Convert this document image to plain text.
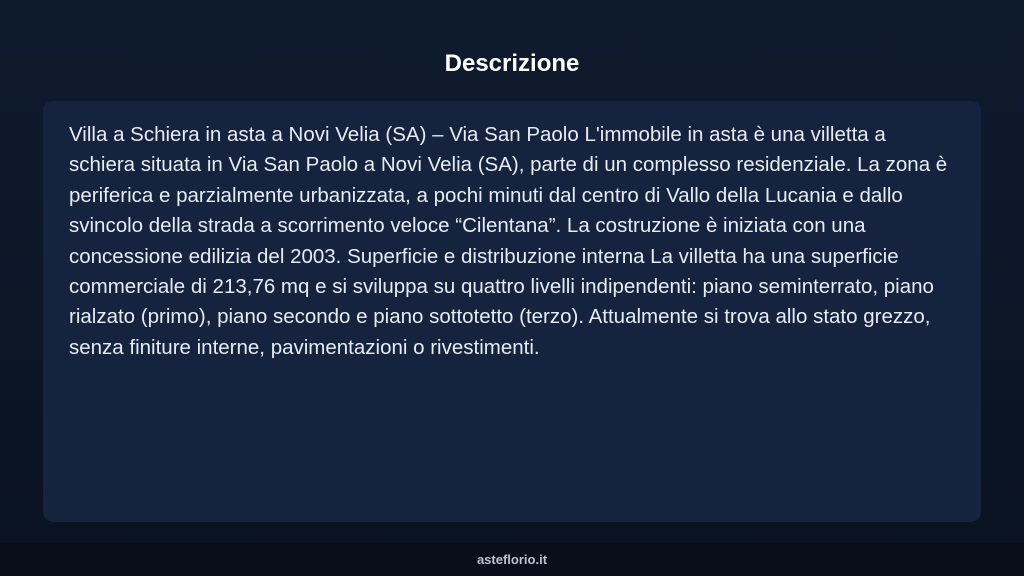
Descrizione

Villa a Schiera in asta a Novi Velia (SA) – Via San Paolo L'immobile in asta è una villetta a schiera situata in Via San Paolo a Novi Velia (SA), parte di un complesso residenziale. La zona è periferica e parzialmente urbanizzata, a pochi minuti dal centro di Vallo della Lucania e dallo svincolo della strada a scorrimento veloce “Cilentana”. La costruzione è iniziata con una concessione edilizia del 2003. Superficie e distribuzione interna La villetta ha una superficie commerciale di 213,76 mq e si sviluppa su quattro livelli indipendenti: piano seminterrato, piano rialzato (primo), piano secondo e piano sottotetto (terzo). Attualmente si trova allo stato grezzo, senza finiture interne, pavimentazioni o rivestimenti.

asteflorio.it
